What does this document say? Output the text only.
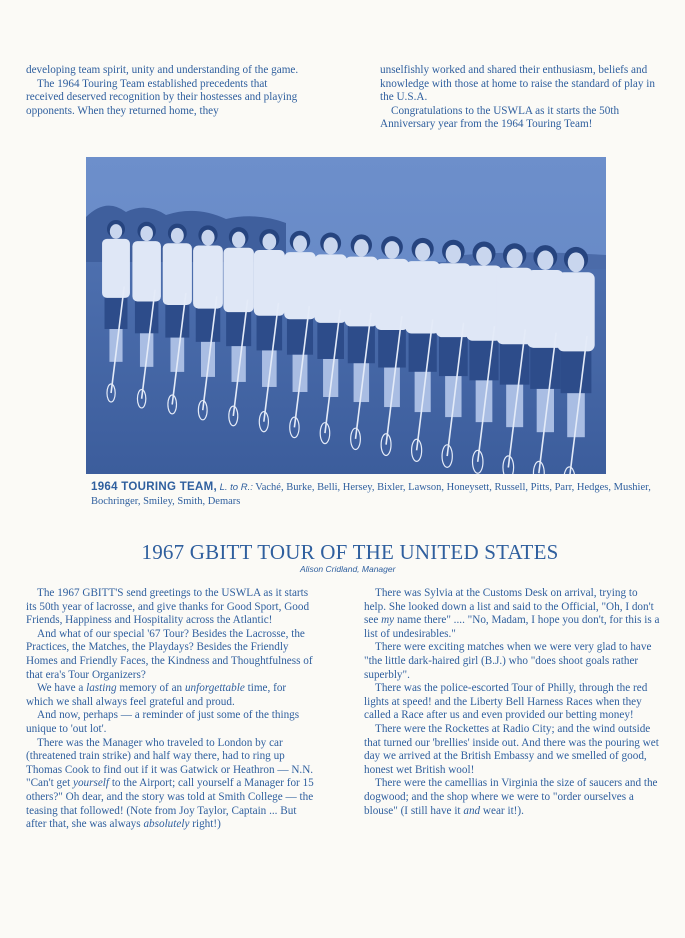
developing team spirit, unity and understanding of the game.

The 1964 Touring Team established precedents that received deserved recognition by their hostesses and playing opponents. When they returned home, they

unselfishly worked and shared their enthusiasm, beliefs and knowledge with those at home to raise the standard of play in the U.S.A.

Congratulations to the USWLA as it starts the 50th Anniversary year from the 1964 Touring Team!

1964 TOURING TEAM, L. to R.: Vaché, Burke, Belli, Hersey, Bixler, Lawson, Honeysett, Russell, Pitts, Parr, Hedges, Mushier, Bochringer, Smiley, Smith, Demars
1967 GBITT TOUR OF THE UNITED STATES
Alison Cridland, Manager

The 1967 GBITT'S send greetings to the USWLA as it starts its 50th year of lacrosse, and give thanks for Good Sport, Good Friends, Happiness and Hospitality across the Atlantic!

And what of our special '67 Tour? Besides the Lacrosse, the Practices, the Matches, the Playdays? Besides the Friendly Homes and Friendly Faces, the Kindness and Thoughtfulness of that era's Tour Organizers?

We have a lasting memory of an unforgettable time, for which we shall always feel grateful and proud.

And now, perhaps — a reminder of just some of the things unique to 'out lot'.

There was the Manager who traveled to London by car (threatened train strike) and half way there, had to ring up Thomas Cook to find out if it was Gatwick or Heathron — N.N. "Can't get yourself to the Airport; call yourself a Manager for 15 others?" Oh dear, and the story was told at Smith College — the teasing that followed! (Note from Joy Taylor, Captain ... But after that, she was always absolutely right!)

There was Sylvia at the Customs Desk on arrival, trying to help. She looked down a list and said to the Official, "Oh, I don't see my name there" .... "No, Madam, I hope you don't, for this is a list of undesirables."

There were exciting matches when we were very glad to have "the little dark-haired girl (B.J.) who "does shoot goals rather superbly".

There was the police-escorted Tour of Philly, through the red lights at speed! and the Liberty Bell Harness Races when they called a Race after us and even provided our betting money!

There were the Rockettes at Radio City; and the wind outside that turned our 'brellies' inside out. And there was the pouring wet day we arrived at the British Embassy and we smelled of good, honest wet British wool!

There were the camellias in Virginia the size of saucers and the dogwood; and the shop where we were to "order ourselves a blouse" (I still have it and wear it!).
